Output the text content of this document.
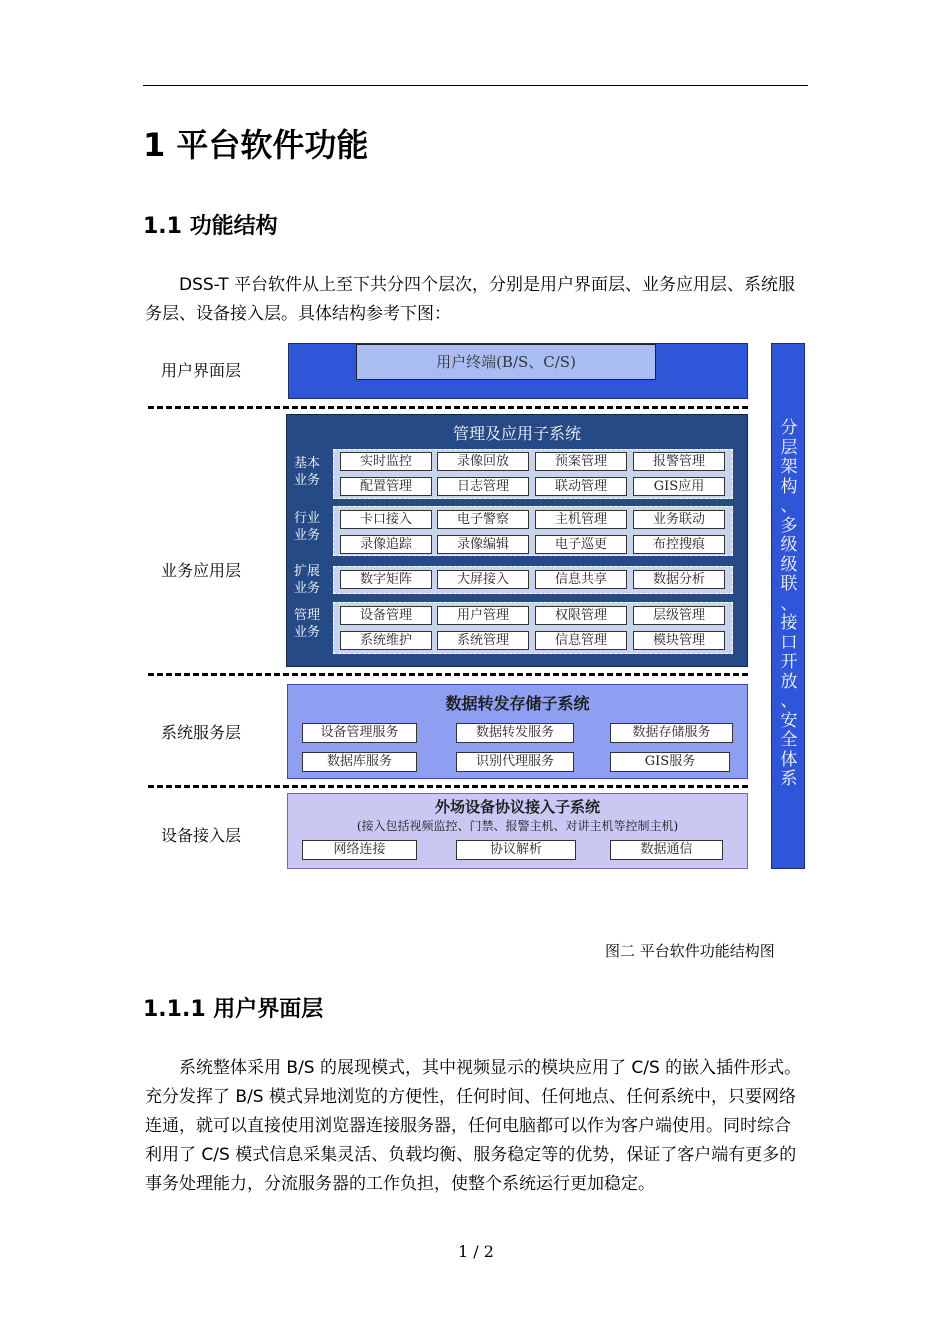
1 平台软件功能
1.1 功能结构
DSS-T 平台软件从上至下共分四个层次，分别是用户界面层、业务应用层、系统服务层、设备接入层。具体结构参考下图：
用户界面层
业务应用层
系统服务层
设备接入层
用户终端(B/S、C/S)
管理及应用子系统
基本业务
行业业务
扩展业务
管理业务
实时监控	录像回放	预案管理	报警管理
配置管理	日志管理	联动管理	GIS应用
卡口接入	电子警察	主机管理	业务联动
录像追踪	录像编辑	电子巡更	布控搜痕
数字矩阵	大屏接入	信息共享	数据分析
设备管理	用户管理	权限管理	层级管理
系统维护	系统管理	信息管理	模块管理
数据转发存储子系统
设备管理服务	数据转发服务	数据存储服务
数据库服务	识别代理服务	GIS服务
外场设备协议接入子系统
(接入包括视频监控、门禁、报警主机、对讲主机等控制主机)
网络连接	协议解析	数据通信
分
层
架
构
、
多
级
级
联
、
接
口
开
放
、
安
全
体
系
图二 平台软件功能结构图
1.1.1 用户界面层
系统整体采用 B/S 的展现模式，其中视频显示的模块应用了 C/S 的嵌入插件形式。充分发挥了 B/S 模式异地浏览的方便性，任何时间、任何地点、任何系统中，只要网络连通，就可以直接使用浏览器连接服务器，任何电脑都可以作为客户端使用。同时综合利用了 C/S 模式信息采集灵活、负载均衡、服务稳定等的优势，保证了客户端有更多的事务处理能力，分流服务器的工作负担，使整个系统运行更加稳定。
1 / 2
